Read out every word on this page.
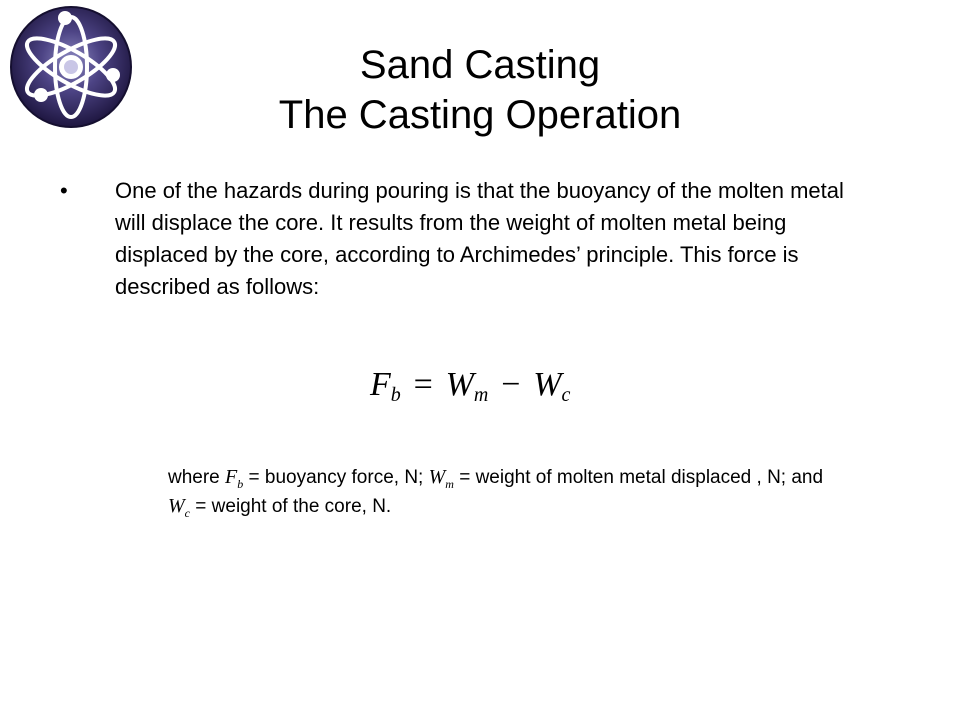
Sand Casting
The Casting Operation
• One of the hazards during pouring is that the buoyancy of the molten metal will displace the core. It results from the weight of molten metal being displaced by the core, according to Archimedes’ principle. This force is described as follows:
$F_b = W_m - W_c$
where $F_b$ = buoyancy force, N; $W_m$ = weight of molten metal displaced , N; and $W_c$ = weight of the core, N.
